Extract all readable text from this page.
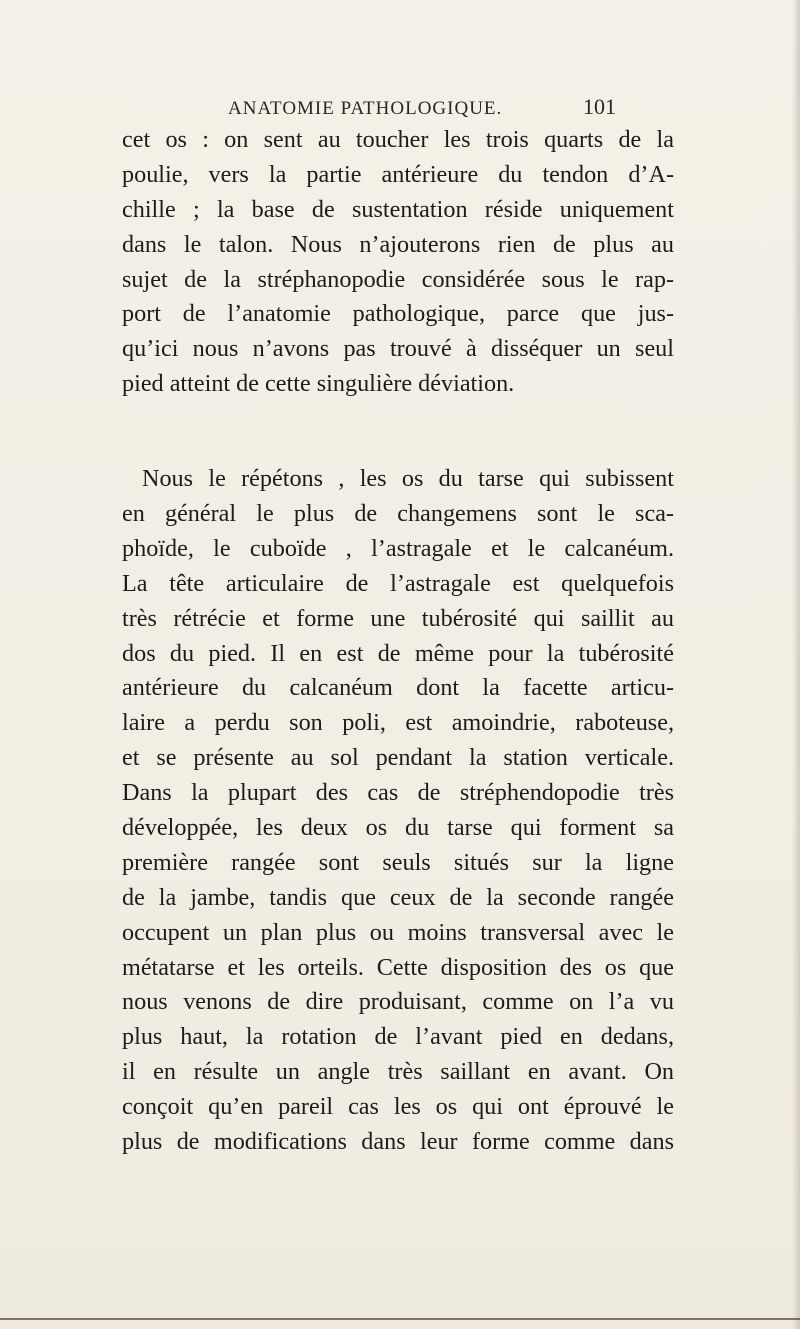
ANATOMIE PATHOLOGIQUE.	101
cet os : on sent au toucher les trois quarts de la
poulie, vers la partie antérieure du tendon d’A-
chille ; la base de sustentation réside uniquement
dans le talon. Nous n’ajouterons rien de plus au
sujet de la stréphanopodie considérée sous le rap-
port de l’anatomie pathologique, parce que jus-
qu’ici nous n’avons pas trouvé à disséquer un seul
pied atteint de cette singulière déviation.
Nous le répétons , les os du tarse qui subissent
en général le plus de changemens sont le sca-
phoïde, le cuboïde , l’astragale et le calcanéum.
La tête articulaire de l’astragale est quelquefois
très rétrécie et forme une tubérosité qui saillit au
dos du pied. Il en est de même pour la tubérosité
antérieure du calcanéum dont la facette articu-
laire a perdu son poli, est amoindrie, raboteuse,
et se présente au sol pendant la station verticale.
Dans la plupart des cas de stréphendopodie très
développée, les deux os du tarse qui forment sa
première rangée sont seuls situés sur la ligne
de la jambe, tandis que ceux de la seconde rangée
occupent un plan plus ou moins transversal avec le
métatarse et les orteils. Cette disposition des os que
nous venons de dire produisant, comme on l’a vu
plus haut, la rotation de l’avant pied en dedans,
il en résulte un angle très saillant en avant. On
conçoit qu’en pareil cas les os qui ont éprouvé le
plus de modifications dans leur forme comme dans
